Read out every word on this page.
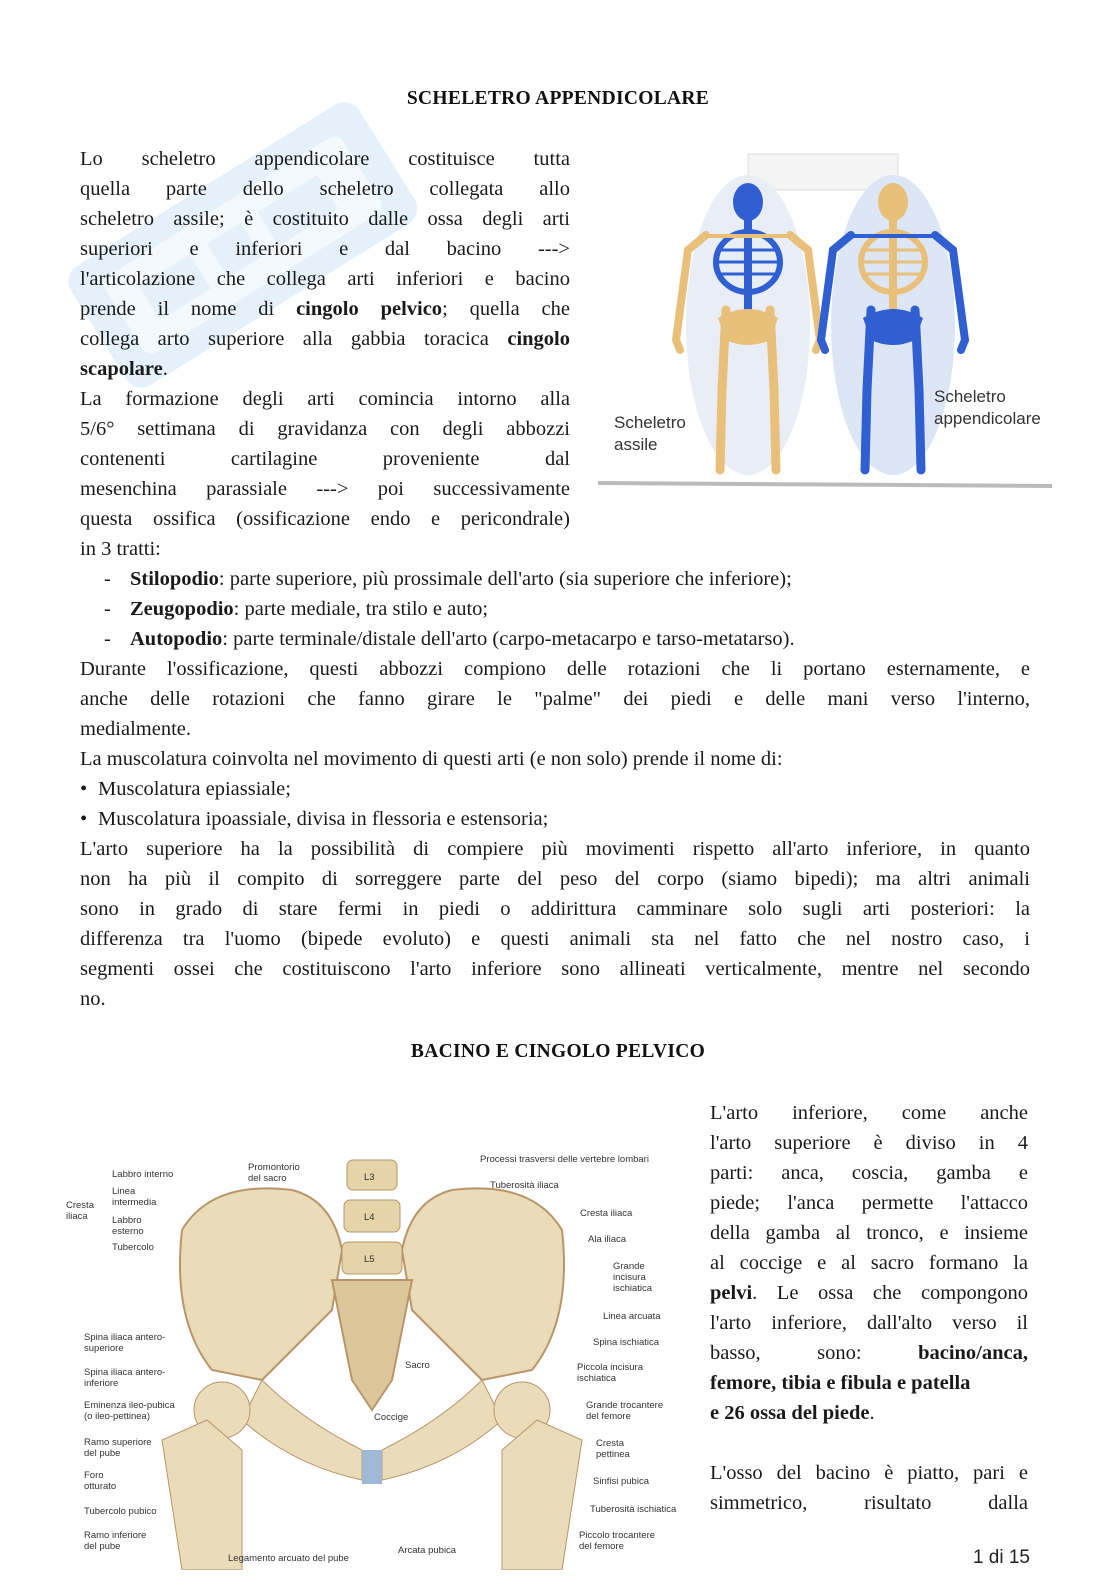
SCHELETRO APPENDICOLARE
Lo scheletro appendicolare costituisce tutta
quella parte dello scheletro collegata allo
scheletro assile; è costituito dalle ossa degli arti
superiori e inferiori e dal bacino --->
l'articolazione che collega arti inferiori e bacino
prende il nome di cingolo pelvico; quella che
collega arto superiore alla gabbia toracica cingolo
scapolare.
La formazione degli arti comincia intorno alla
5/6° settimana di gravidanza con degli abbozzi
contenenti cartilagine proveniente dal
mesenchina parassiale ---> poi successivamente
questa ossifica (ossificazione endo e pericondrale)
in 3 tratti:
Scheletro
assile
Scheletro
appendicolare
- Stilopodio: parte superiore, più prossimale dell'arto (sia superiore che inferiore);
- Zeugopodio: parte mediale, tra stilo e auto;
- Autopodio: parte terminale/distale dell'arto (carpo-metacarpo e tarso-metatarso).
Durante l'ossificazione, questi abbozzi compiono delle rotazioni che li portano esternamente, e
anche delle rotazioni che fanno girare le "palme" dei piedi e delle mani verso l'interno,
medialmente.
La muscolatura coinvolta nel movimento di questi arti (e non solo) prende il nome di:
• Muscolatura epiassiale;
• Muscolatura ipoassiale, divisa in flessoria e estensoria;
L'arto superiore ha la possibilità di compiere più movimenti rispetto all'arto inferiore, in quanto
non ha più il compito di sorreggere parte del peso del corpo (siamo bipedi); ma altri animali
sono in grado di stare fermi in piedi o addirittura camminare solo sugli arti posteriori: la
differenza tra l'uomo (bipede evoluto) e questi animali sta nel fatto che nel nostro caso, i
segmenti ossei che costituiscono l'arto inferiore sono allineati verticalmente, mentre nel secondo
no.
BACINO E CINGOLO PELVICO
L3
L4
L5
Sacro
Coccige
Labbro interno
Linea
intermedia
Labbro
esterno
Tubercolo
Cresta
iliaca
Spina iliaca antero-
superiore
Spina iliaca antero-
inferiore
Eminenza ileo-pubica
(o ileo-pettinea)
Ramo superiore
del pube
Foro
otturato
Tubercolo pubico
Ramo inferiore
del pube
Promontorio
del sacro
Processi trasversi delle vertebre lombari
Tuberosità iliaca
Cresta iliaca
Ala iliaca
Grande
incisura
ischiatica
Linea arcuata
Spina ischiatica
Piccola incisura
ischiatica
Grande trocantere
del femore
Cresta
pettinea
Sinfisi pubica
Tuberosità ischiatica
Piccolo trocantere
del femore
Legamento arcuato del pube
Arcata pubica
L'arto inferiore, come anche
l'arto superiore è diviso in 4
parti: anca, coscia, gamba e
piede; l'anca permette l'attacco
della gamba al tronco, e insieme
al coccige e al sacro formano la
pelvi. Le ossa che compongono
l'arto inferiore, dall'alto verso il
basso, sono: bacino/anca,
femore, tibia e fibula e patella
e 26 ossa del piede.

L'osso del bacino è piatto, pari e
simmetrico, risultato dalla
1 di 15
